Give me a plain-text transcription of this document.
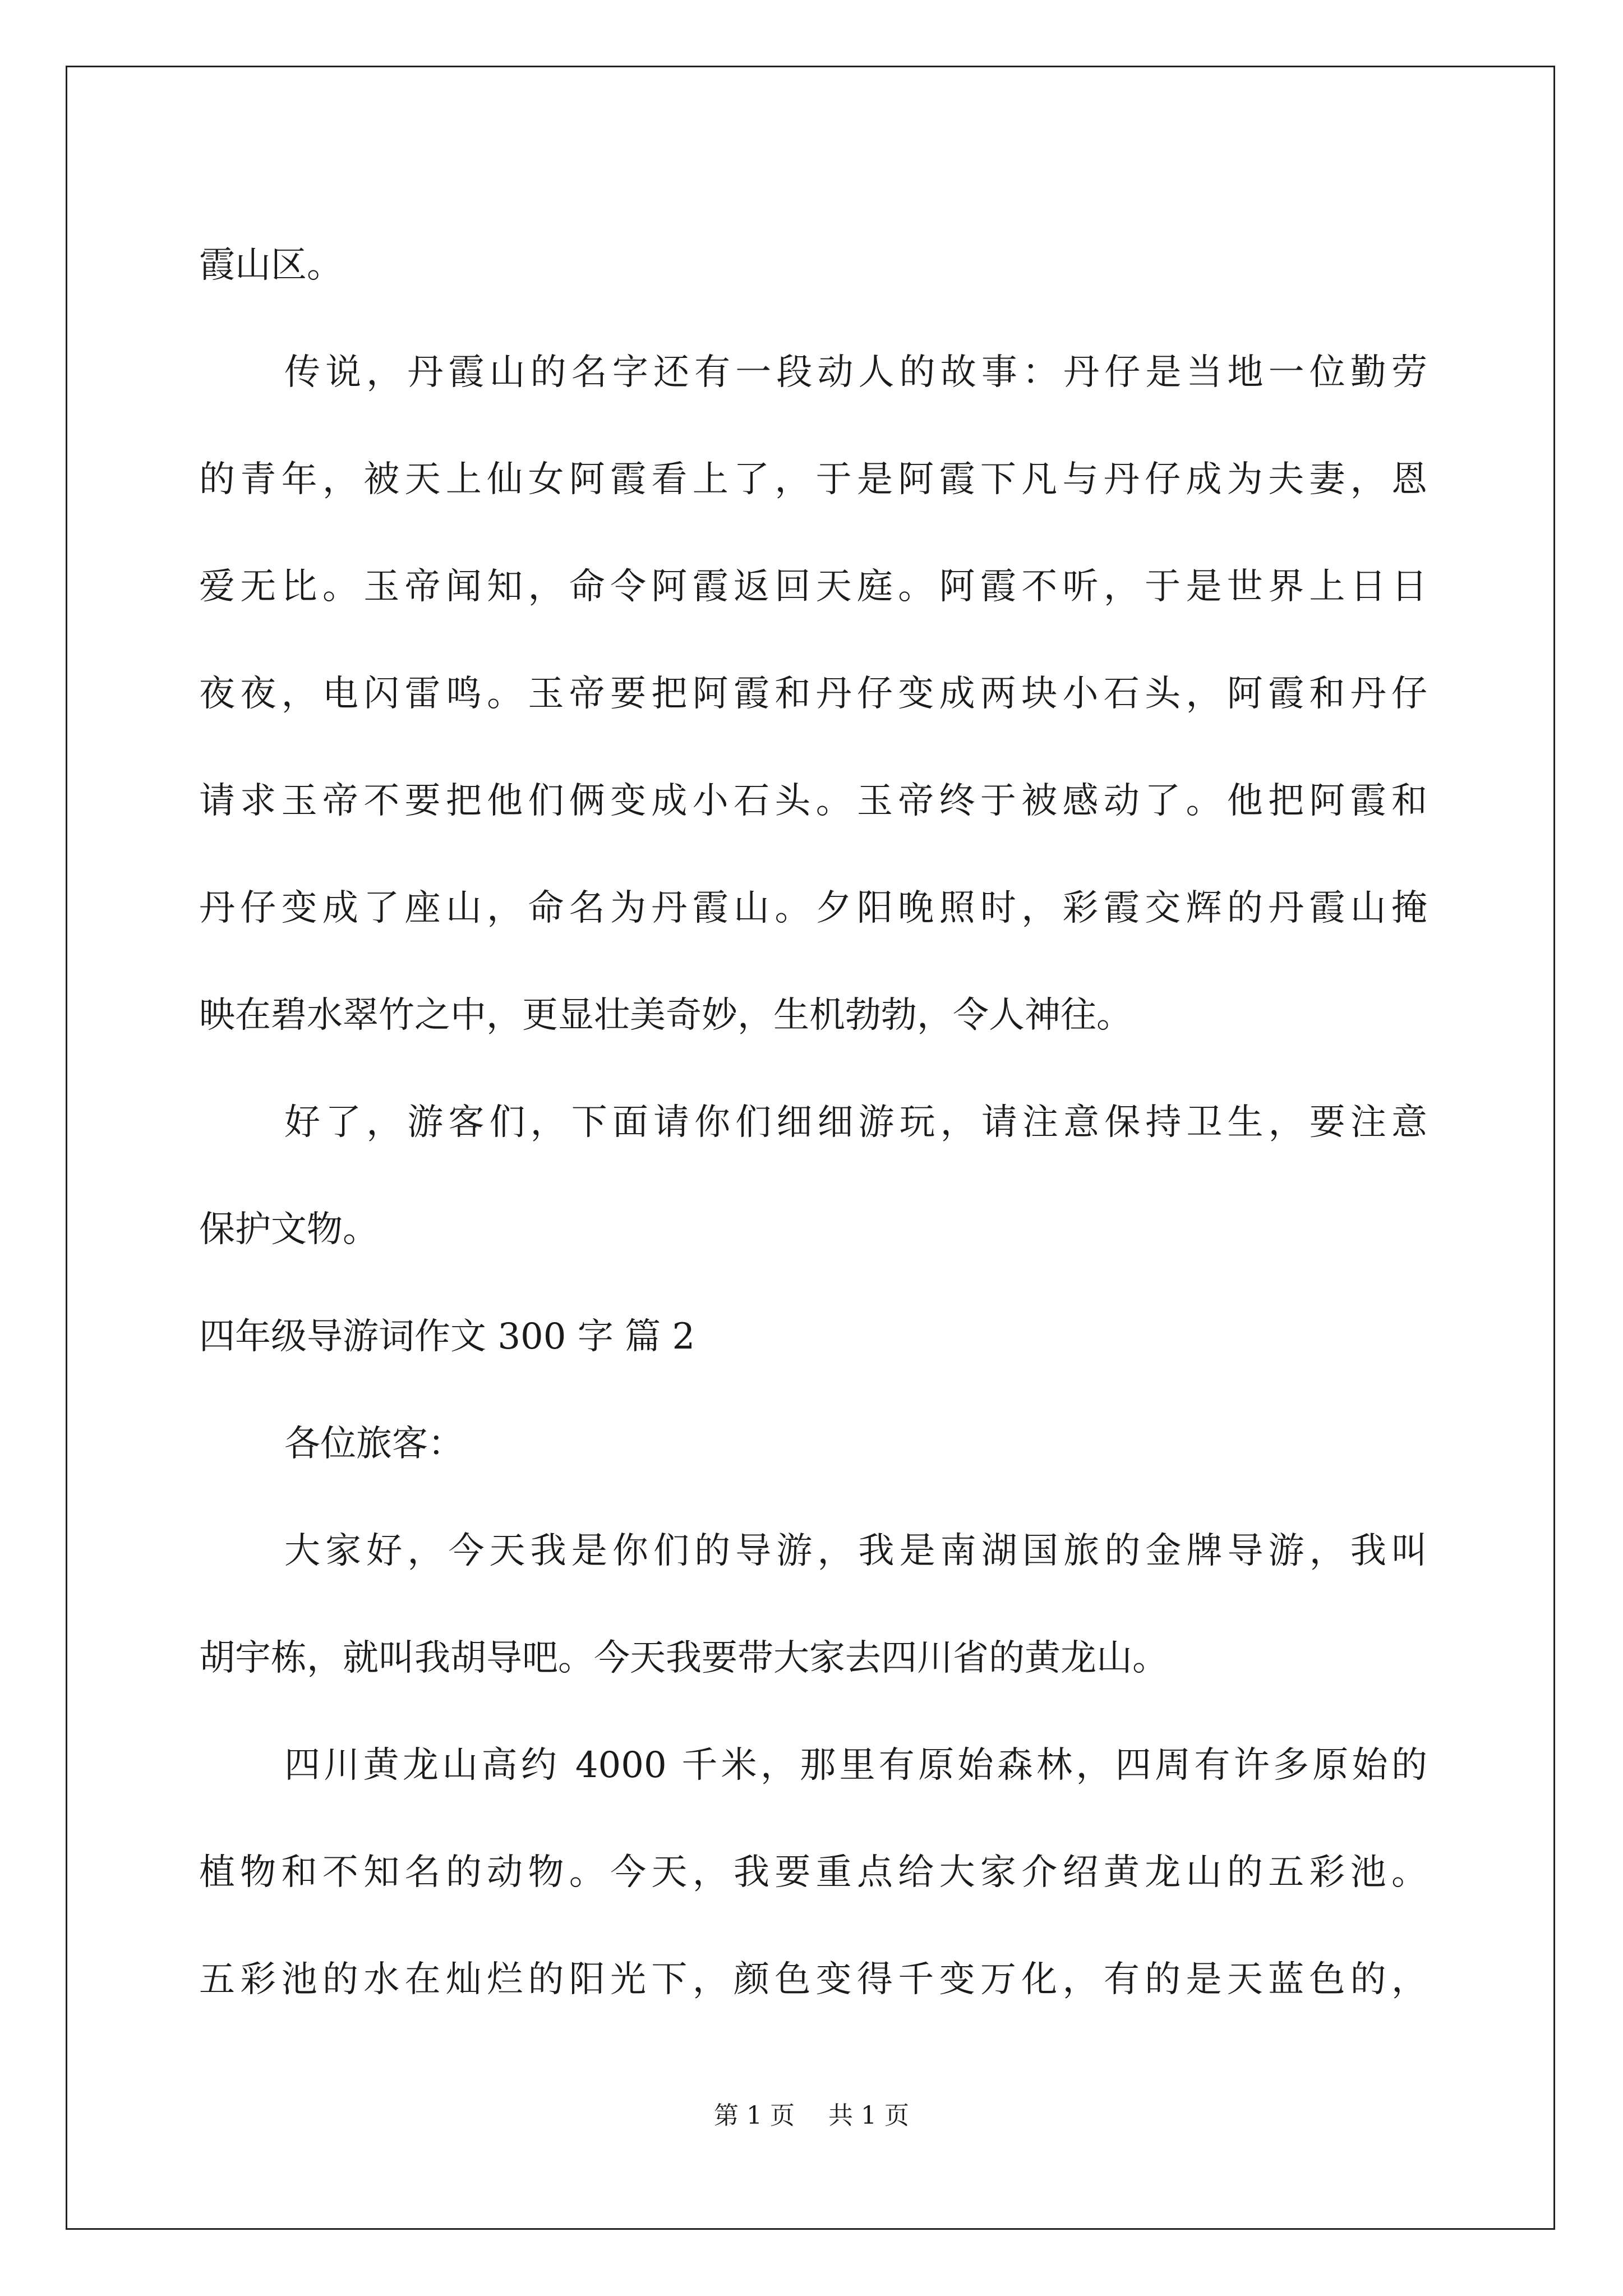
霞山区。

传说，丹霞山的名字还有一段动人的故事：丹仔是当地一位勤劳

的青年，被天上仙女阿霞看上了，于是阿霞下凡与丹仔成为夫妻，恩

爱无比。玉帝闻知，命令阿霞返回天庭。阿霞不听，于是世界上日日

夜夜，电闪雷鸣。玉帝要把阿霞和丹仔变成两块小石头，阿霞和丹仔

请求玉帝不要把他们俩变成小石头。玉帝终于被感动了。他把阿霞和

丹仔变成了座山，命名为丹霞山。夕阳晚照时，彩霞交辉的丹霞山掩

映在碧水翠竹之中，更显壮美奇妙，生机勃勃，令人神往。

好了，游客们，下面请你们细细游玩，请注意保持卫生，要注意

保护文物。

四年级导游词作文 300 字 篇 2

各位旅客：

大家好，今天我是你们的导游，我是南湖国旅的金牌导游，我叫

胡宇栋，就叫我胡导吧。今天我要带大家去四川省的黄龙山。

四川黄龙山高约 4000 千米，那里有原始森林，四周有许多原始的

植物和不知名的动物。今天，我要重点给大家介绍黄龙山的五彩池。

五彩池的水在灿烂的阳光下，颜色变得千变万化，有的是天蓝色的，

第 1 页 共 1 页
